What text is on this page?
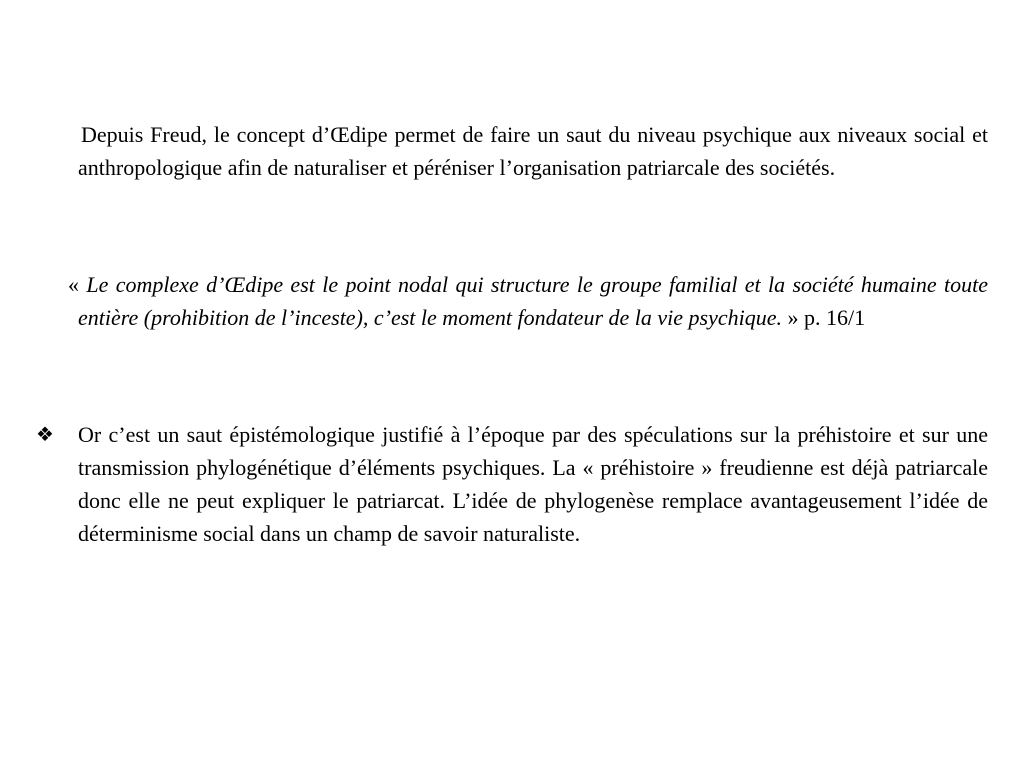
Depuis Freud, le concept d’Œdipe permet de faire un saut du niveau psychique aux niveaux social et anthropologique afin de naturaliser et péréniser l’organisation patriarcale des sociétés.

« Le complexe d’Œdipe est le point nodal qui structure le groupe familial et la société humaine toute entière (prohibition de l’inceste), c’est le moment fondateur de la vie psychique. » p. 16/1

❖	Or c’est un saut épistémologique justifié à l’époque par des spéculations sur la préhistoire et sur une transmission phylogénétique d’éléments psychiques. La « préhistoire » freudienne est déjà patriarcale donc elle ne peut expliquer le patriarcat. L’idée de phylogenèse remplace avantageusement l’idée de déterminisme social dans un champ de savoir naturaliste.
